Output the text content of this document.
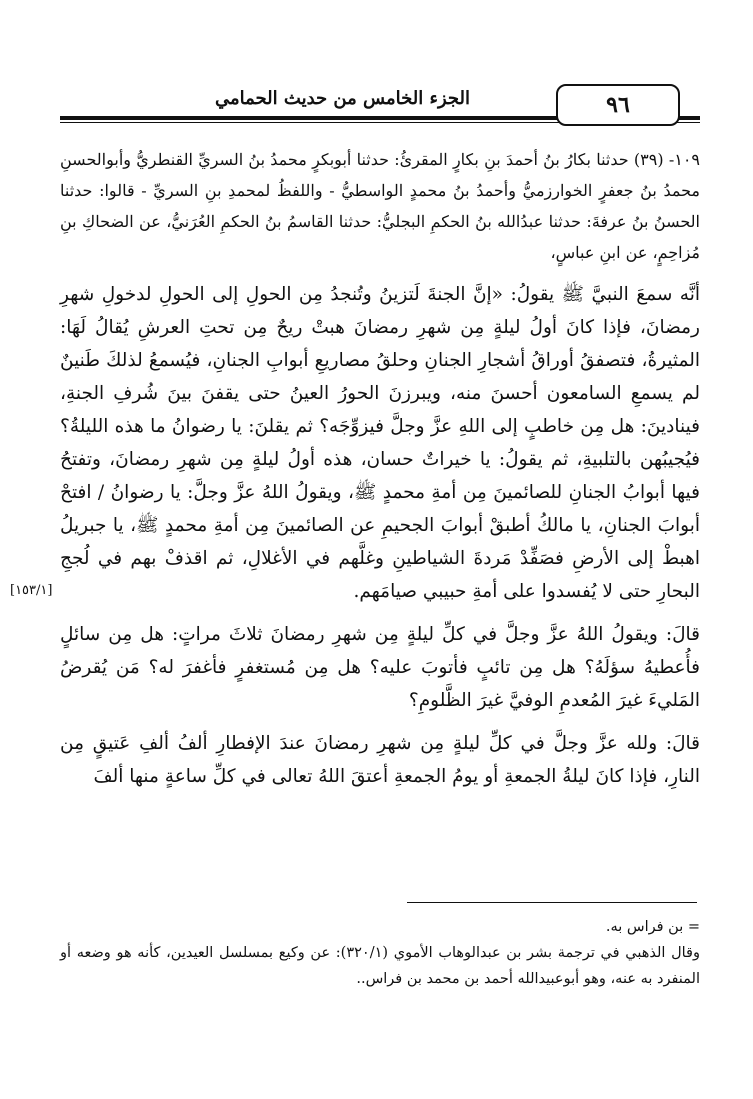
الجزء الخامس من حديث الحمامي	٩٦

١٠٩- (٣٩) حدثنا بكارُ بنُ أحمدَ بنِ بكارٍ المقرئُ: حدثنا أبوبكرٍ محمدُ بنُ السريِّ القنطريُّ وأبوالحسنِ محمدُ بنُ جعفرٍ الخوارزميُّ وأحمدُ بنُ محمدٍ الواسطيُّ - واللفظُ لمحمدِ بنِ السريِّ - قالوا: حدثنا الحسنُ بنُ عرفةَ: حدثنا عبدُالله بنُ الحكمِ البجليُّ: حدثنا القاسمُ بنُ الحكمِ العُرَنيُّ، عن الضحاكِ بنِ مُزاحِمٍ، عن ابنِ عباسٍ،

أنَّه سمعَ النبيَّ ﷺ يقولُ: «إنَّ الجنةَ لَتزينُ وتُنجدُ مِن الحولِ إلى الحولِ لدخولِ شهرِ رمضانَ، فإذا كانَ أولُ ليلةٍ مِن شهرِ رمضانَ هبتْ ريحٌ مِن تحتِ العرشِ يُقالُ لَهَا: المثيرةُ، فتصفقُ أوراقُ أشجارِ الجنانِ وحلقُ مصاريعِ أبوابِ الجنانِ، فيُسمعُ لذلكَ طَنينٌ لم يسمعِ السامعون أحسنَ منه، ويبرزنَ الحورُ العينُ حتى يقفنَ بينَ شُرفِ الجنةِ، فينادينَ: هل مِن خاطبٍ إلى اللهِ عزَّ وجلَّ فيزوِّجَه؟ ثم يقلنَ: يا رضوانُ ما هذه الليلةُ؟ فيُجيبُهن بالتلبيةِ، ثم يقولُ: يا خيراتٌ حسان، هذه أولُ ليلةٍ مِن شهرِ رمضانَ، وتفتحُ فيها أبوابُ الجنانِ للصائمينَ مِن أمةِ محمدٍ ﷺ، ويقولُ اللهُ عزَّ وجلَّ: يا رضوانُ / افتحْ أبوابَ الجنانِ، يا مالكُ أطبقْ أبوابَ الجحيمِ عن الصائمينَ مِن أمةِ محمدٍ ﷺ، يا جبريلُ اهبطْ إلى الأرضِ فصَفِّدْ مَردةَ الشياطينِ وغلَّهم في الأغلالِ، ثم اقذفْ بهم في لُججِ البحارِ حتى لا يُفسدوا على أمةِ حبيبي صيامَهم.

قالَ: ويقولُ اللهُ عزَّ وجلَّ في كلِّ ليلةٍ مِن شهرِ رمضانَ ثلاثَ مراتٍ: هل مِن سائلٍ فأُعطيهُ سؤلَهُ؟ هل مِن تائبٍ فأتوبَ عليه؟ هل مِن مُستغفرٍ فأغفرَ له؟ مَن يُقرضُ المَليءَ غيرَ المُعدمِ الوفيَّ غيرَ الظَّلومِ؟

قالَ: ولله عزَّ وجلَّ في كلِّ ليلةٍ مِن شهرِ رمضانَ عندَ الإفطارِ ألفُ ألفِ عَتيقٍ مِن النارِ، فإذا كانَ ليلةُ الجمعةِ أو يومُ الجمعةِ أعتقَ اللهُ تعالى في كلِّ ساعةٍ منها ألفَ

[١٥٣/١]

= بن فراس به.

وقال الذهبي في ترجمة بشر بن عبدالوهاب الأموي (٣٢٠/١): عن وكيع بمسلسل العيدين، كأنه هو وضعه أو المنفرد به عنه، وهو أبوعبيدالله أحمد بن محمد بن فراس..
